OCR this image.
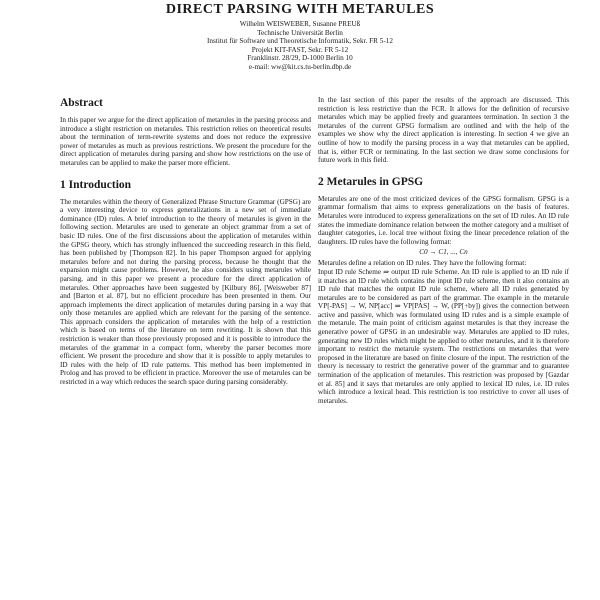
DIRECT PARSING WITH METARULES
Wilhelm WEISWEBER, Susanne PREUß
Technische Universität Berlin
Institut für Software und Theoretische Informatik, Sekr. FR 5-12
Projekt KIT-FAST, Sekr. FR 5-12
Franklinstr. 28/29, D-1000 Berlin 10
e-mail: ww@kit.cs.tu-berlin.dbp.de
Abstract

In this paper we argue for the direct application of metarules in the parsing process and introduce a slight restriction on metarules. This restriction relies on theoretical results about the termination of term-rewrite systems and does not reduce the expressive power of metarules as much as previous restrictions. We present the procedure for the direct application of metarules during parsing and show how restrictions on the use of metarules can be applied to make the parser more efficient.

1 Introduction

The metarules within the theory of Generalized Phrase Structure Grammar (GPSG) are a very interesting device to express generalizations in a new set of immediate dominance (ID) rules. A brief introduction to the theory of metarules is given in the following section. Metarules are used to generate an object grammar from a set of basic ID rules. One of the first discussions about the application of metarules within the GPSG theory, which has strongly influenced the succeeding research in this field, has been published by [Thompson 82]. In his paper Thompson argued for applying metarules before and not during the parsing process, because he thought that the expansion might cause problems. However, he also considers using metarules while parsing, and in this paper we present a procedure for the direct application of metarules. Other approaches have been suggested by [Kilbury 86], [Weisweber 87] and [Barton et al. 87], but no efficient procedure has been presented in them. Our approach implements the direct application of metarules during parsing in a way that only those metarules are applied which are relevant for the parsing of the sentence. This approach considers the application of metarules with the help of a restriction which is based on terms of the literature on term rewriting. It is shown that this restriction is weaker than those previously proposed and it is possible to introduce the metarules of the grammar in a compact form, whereby the parser becomes more efficient. We present the procedure and show that it is possible to apply metarules to ID rules with the help of ID rule patterns. This method has been implemented in Prolog and has proved to be efficient in practice. Moreover the use of metarules can be restricted in a way which reduces the search space during parsing considerably.

In the last section of this paper the results of the approach are discussed. This restriction is less restrictive than the FCR. It allows for the definition of recursive metarules which may be applied freely and guarantees termination. In section 3 the metarules of the current GPSG formalism are outlined and with the help of the examples we show why the direct application is interesting. In section 4 we give an outline of how to modify the parsing process in a way that metarules can be applied, that is, either FCR or terminating. In the last section we draw some conclusions for future work in this field.

2 Metarules in GPSG

Metarules are one of the most criticized devices of the GPSG formalism. GPSG is a grammar formalism that aims to express generalizations on the basis of features. Metarules were introduced to express generalizations on the set of ID rules. An ID rule states the immediate dominance relation between the mother category and a multiset of daughter categories, i.e. local tree without fixing the linear precedence relation of the daughters. ID rules have the following format:

C0 → C1, ..., Cn

Metarules define a relation on ID rules. They have the following format:

Input ID rule Scheme ⇒ output ID rule Scheme. An ID rule is applied to an ID rule if it matches an ID rule which contains the input ID rule scheme, then it also contains an ID rule that matches the output ID rule scheme, where all ID rules generated by metarules are to be considered as part of the grammar. The example in the metarule VP[-PAS] → W, NP[acc] ⇒ VP[PAS] → W, (PP[+by]) gives the connection between active and passive, which was formulated using ID rules and is a simple example of the metarule. The main point of criticism against metarules is that they increase the generative power of GPSG in an undesirable way. Metarules are applied to ID rules, generating new ID rules which might be applied to other metarules, and it is therefore important to restrict the metarule system. The restrictions on metarules that were proposed in the literature are based on finite closure of the input. The restriction of the theory is necessary to restrict the generative power of the grammar and to guarantee termination of the application of metarules. This restriction was proposed by [Gazdar et al. 85] and it says that metarules are only applied to lexical ID rules, i.e. ID rules which introduce a lexical head. This restriction is too restrictive to cover all uses of metarules.
